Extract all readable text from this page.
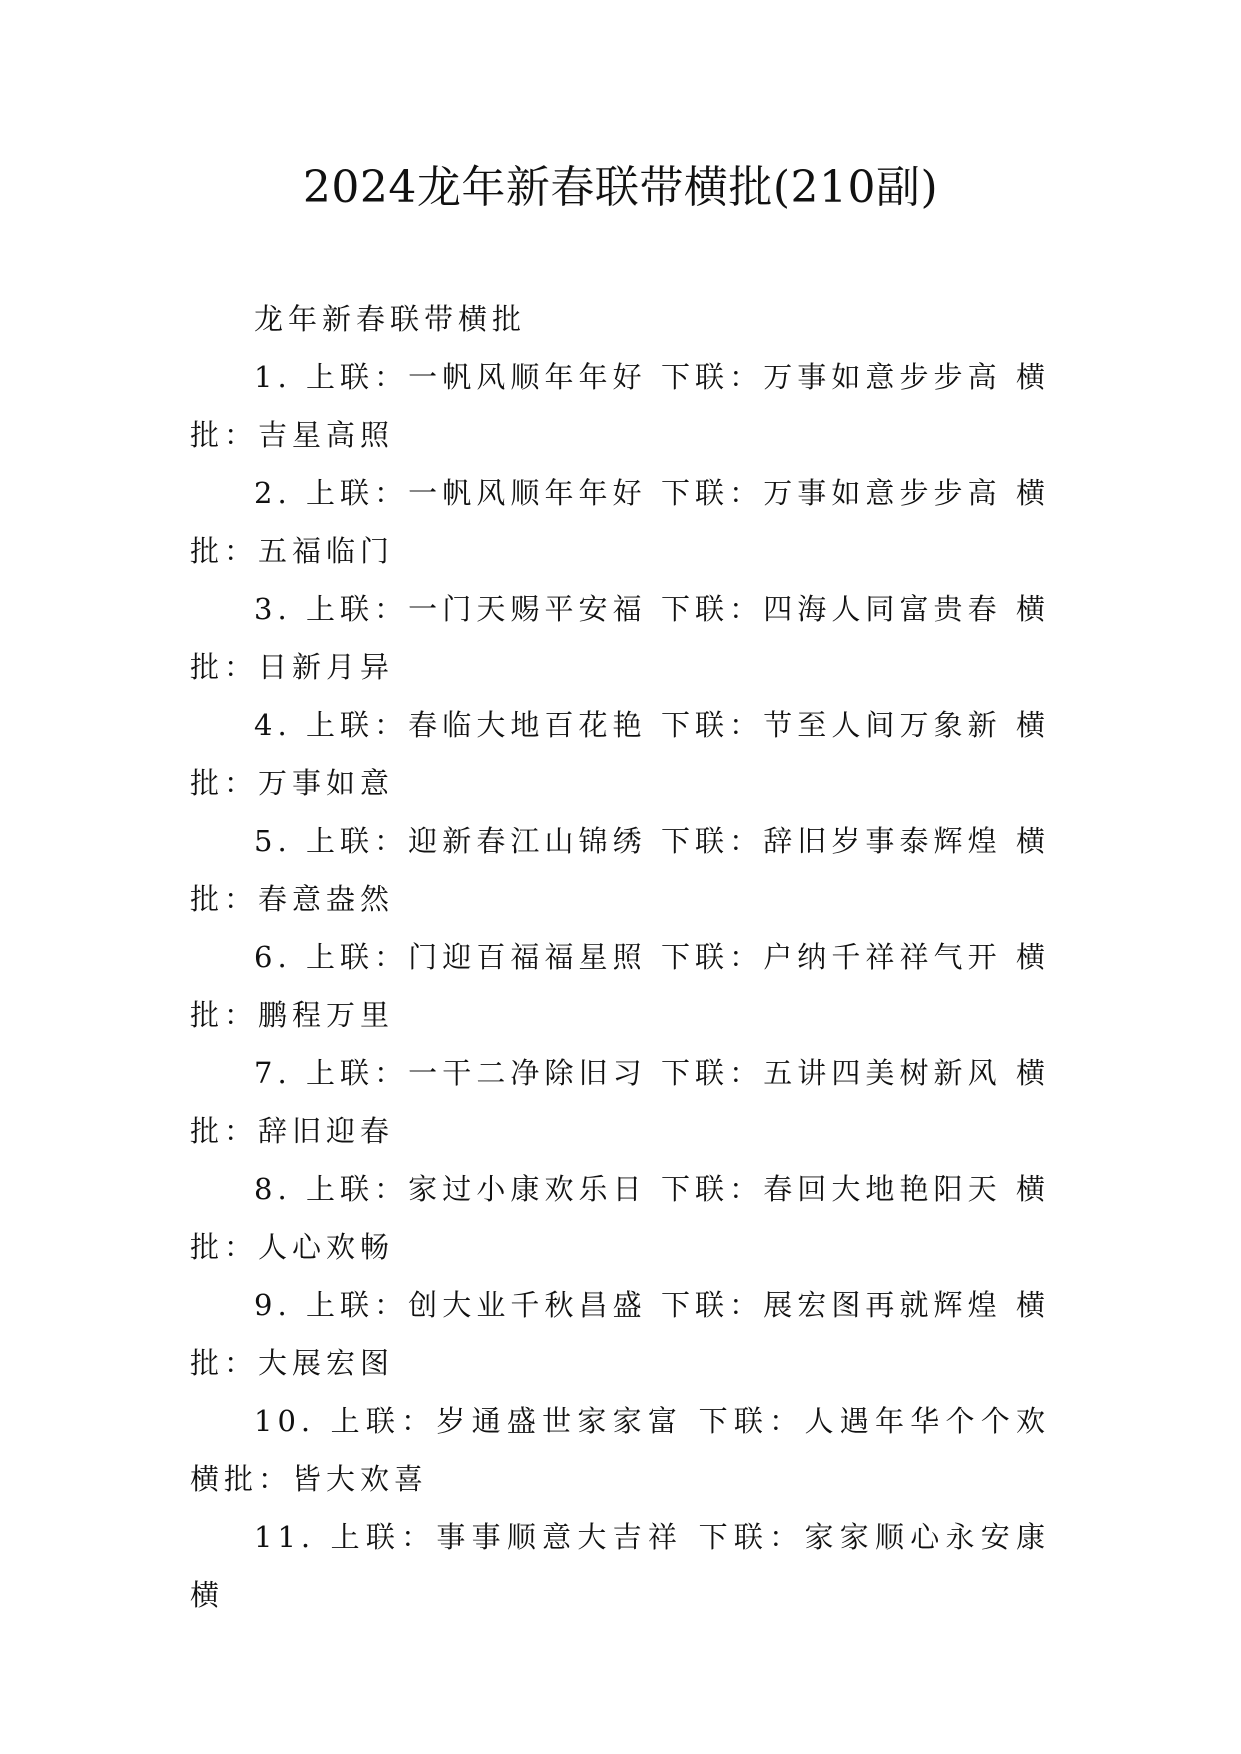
2024龙年新春联带横批(210副)

龙年新春联带横批

1. 上联：一帆风顺年年好 下联：万事如意步步高 横批：吉星高照

2. 上联：一帆风顺年年好 下联：万事如意步步高 横批：五福临门

3. 上联：一门天赐平安福 下联：四海人同富贵春 横批：日新月异

4. 上联：春临大地百花艳 下联：节至人间万象新 横批：万事如意

5. 上联：迎新春江山锦绣 下联：辞旧岁事泰辉煌 横批：春意盎然

6. 上联：门迎百福福星照 下联：户纳千祥祥气开 横批：鹏程万里

7. 上联：一干二净除旧习 下联：五讲四美树新风 横批：辞旧迎春

8. 上联：家过小康欢乐日 下联：春回大地艳阳天 横批：人心欢畅

9. 上联：创大业千秋昌盛 下联：展宏图再就辉煌 横批：大展宏图

10. 上联：岁通盛世家家富 下联：人遇年华个个欢 横批：皆大欢喜

11. 上联：事事顺意大吉祥 下联：家家顺心永安康 横
